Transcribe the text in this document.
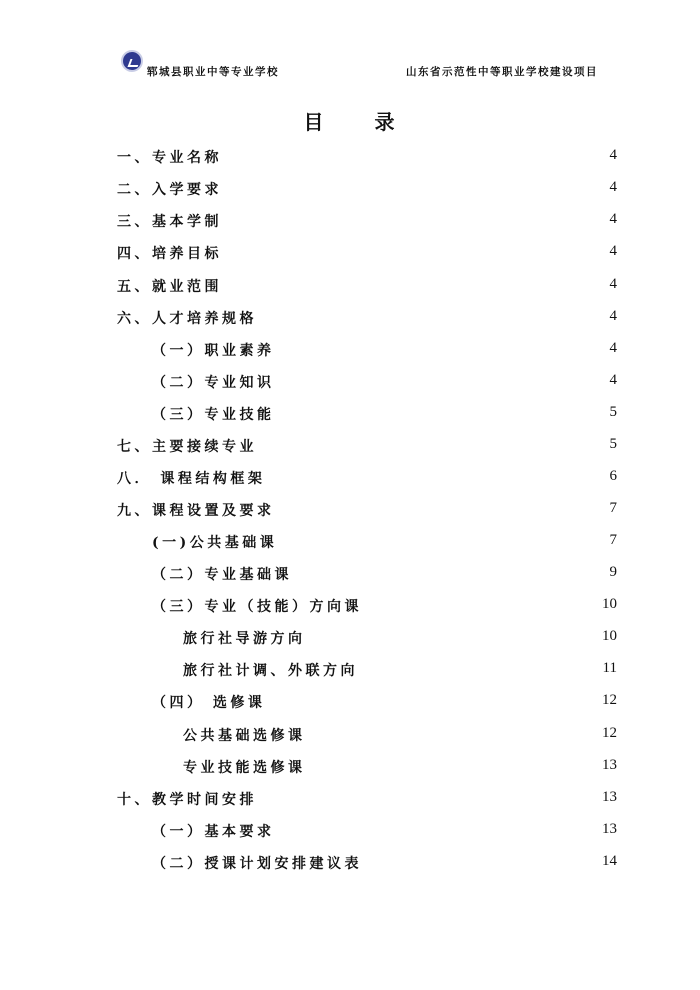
郓城县职业中等专业学校	山东省示范性中等职业学校建设项目
目 录
一、专业名称	4
二、入学要求	4
三、基本学制	4
四、培养目标	4
五、就业范围	4
六、人才培养规格	4
（一）职业素养	4
（二）专业知识	4
（三）专业技能	5
七、主要接续专业	5
八． 课程结构框架	6
九、课程设置及要求	7
(一)公共基础课	7
（二）专业基础课	9
（三）专业（技能）方向课	10
旅行社导游方向	10
旅行社计调、外联方向	11
（四） 选修课	12
公共基础选修课	12
专业技能选修课	13
十、教学时间安排	13
（一）基本要求	13
（二）授课计划安排建议表	14
